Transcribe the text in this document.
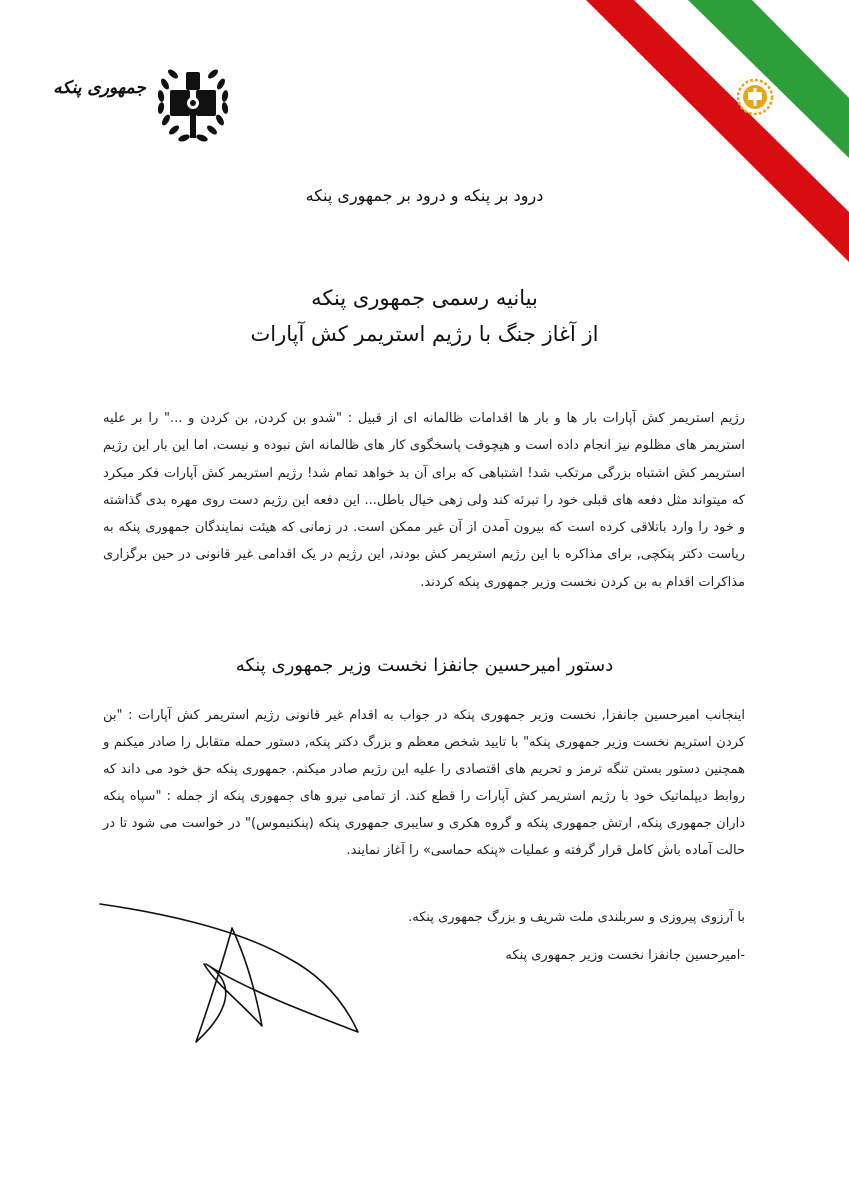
جمهوری پنکه
درود بر پنکه و درود بر جمهوری پنکه
بیانیه رسمی جمهوری پنکه
از آغاز جنگ با رژیم استریمر کش آپارات
رژیم استریمر کش آپارات بار ها و بار ها اقدامات ظالمانه ای از قبیل : "شدو بن کردن, بن کردن و ..." را بر علیه استریمر های مظلوم نیز انجام داده است و هیچوقت پاسخگوی کار های ظالمانه اش نبوده و نیست. اما این بار این رژیم استریمر کش اشتباه بزرگی مرتکب شد! اشتباهی که برای آن بد خواهد تمام شد! رژیم استریمر کش آپارات فکر میکرد که میتواند مثل دفعه های قبلی خود را تبرئه کند ولی زهی خیال باطل... این دفعه این رژیم دست روی مهره بدی گذاشته و خود را وارد باتلاقی کرده است که بیرون آمدن از آن غیر ممکن است. در زمانی که هیئت نمایندگان جمهوری پنکه به ریاست دکتر پنکچی, برای مذاکره با این رژیم استریمر کش بودند, این رژیم در یک اقدامی غیر قانونی در حین برگزاری مذاکرات اقدام به بن کردن نخست وزیر جمهوری پنکه کردند.
دستور امیرحسین جانفزا نخست وزیر جمهوری پنکه
اینجانب امیرحسین جانفزا, نخست وزیر جمهوری پنکه در جواب به اقدام غیر قانونی رژیم استریمر کش آپارات : "بن کردن استریم نخست وزیر جمهوری پنکه" با تایید شخص معظم و بزرگ دکتر پنکه, دستور حمله متقابل را صادر میکنم و همچنین دستور بستن تنگه ترمز و تحریم های اقتصادی را علیه این رژیم صادر میکنم. جمهوری پنکه حق خود می داند که روابط دیپلماتیک خود با رژیم استریمر کش آپارات را قطع کند. از تمامی نیرو های جمهوری پنکه از جمله : "سپاه پنکه داران جمهوری پنکه, ارتش جمهوری پنکه و گروه هکری و سایبری جمهوری پنکه (پنکنیموس)" در خواست می شود تا در حالت آماده باش کامل قرار گرفته و عملیات «پنکه حماسی» را آغاز نمایند.
با آرزوی پیروزی و سربلندی ملت شریف و بزرگ جمهوری پنکه.
-امیرحسین جانفزا نخست وزیر جمهوری پنکه
